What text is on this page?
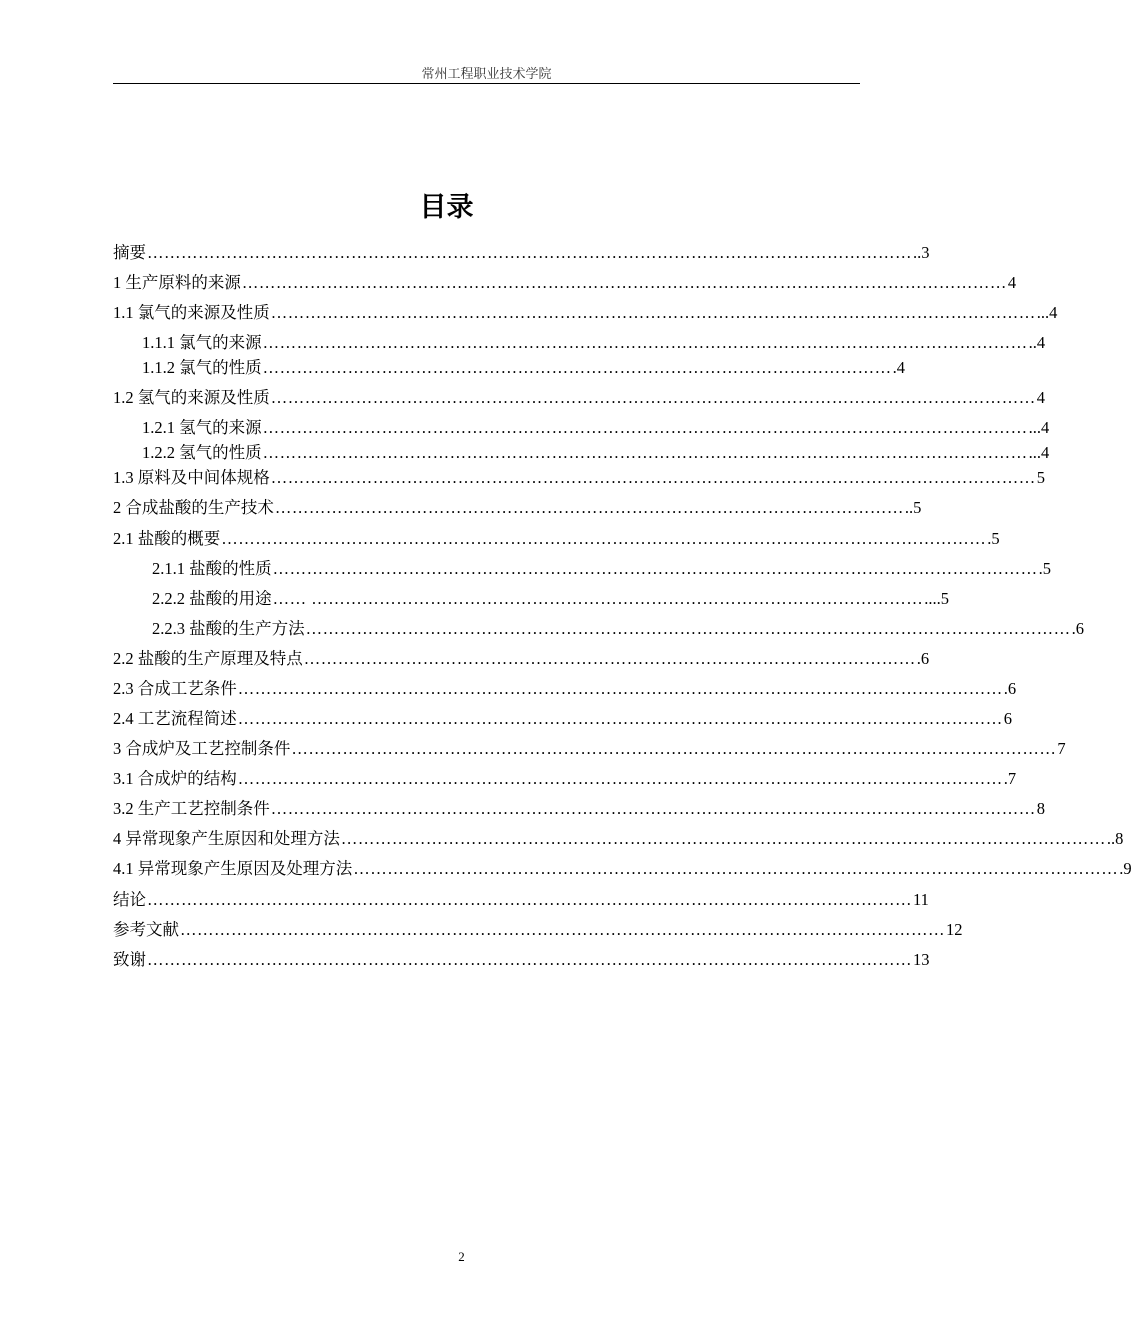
常州工程职业技术学院
目录
摘要 ……………………………………………………………………………………………………………………… ..3
1 生产原料的来源 ……………………………………………………………………………………………………………………… 4
1.1 氯气的来源及性质 ……………………………………………………………………………………………………………………… ...4
1.1.1 氯气的来源 ……………………………………………………………………………………………………………………… ..4
1.1.2 氯气的性质 ………………………………………………………………………………………………… .4
1.2 氢气的来源及性质 ……………………………………………………………………………………………………………………… 4
1.2.1 氢气的来源 ……………………………………………………………………………………………………………………… ...4
1.2.2 氢气的性质 ……………………………………………………………………………………………………………………… ...4
1.3 原料及中间体规格 ……………………………………………………………………………………………………………………… 5
2 合成盐酸的生产技术 ………………………………………………………………………………………………… ..5
2.1 盐酸的概要 ……………………………………………………………………………………………………………………… .5
2.1.1 盐酸的性质 ……………………………………………………………………………………………………………………… .5
2.2.2 盐酸的用途 …… ……………………………………………………………………………………………… ....5
2.2.3 盐酸的生产方法 ……………………………………………………………………………………………………………………… .6
2.2 盐酸的生产原理及特点 ……………………………………………………………………………………………… .6
2.3 合成工艺条件 ……………………………………………………………………………………………………………………… .6
2.4 工艺流程简述 ……………………………………………………………………………………………………………………… 6
3 合成炉及工艺控制条件 ……………………………………………………………………………………………………………………… 7
3.1 合成炉的结构 ……………………………………………………………………………………………………………………… .7
3.2 生产工艺控制条件 ……………………………………………………………………………………………………………………… 8
4 异常现象产生原因和处理方法 ……………………………………………………………………………………………………………………… ..8
4.1 异常现象产生原因及处理方法 ……………………………………………………………………………………………………………………… .9
结论 ……………………………………………………………………………………………………………………… 11
参考文献 ……………………………………………………………………………………………………………………… 12
致谢 ……………………………………………………………………………………………………………………… 13
2
